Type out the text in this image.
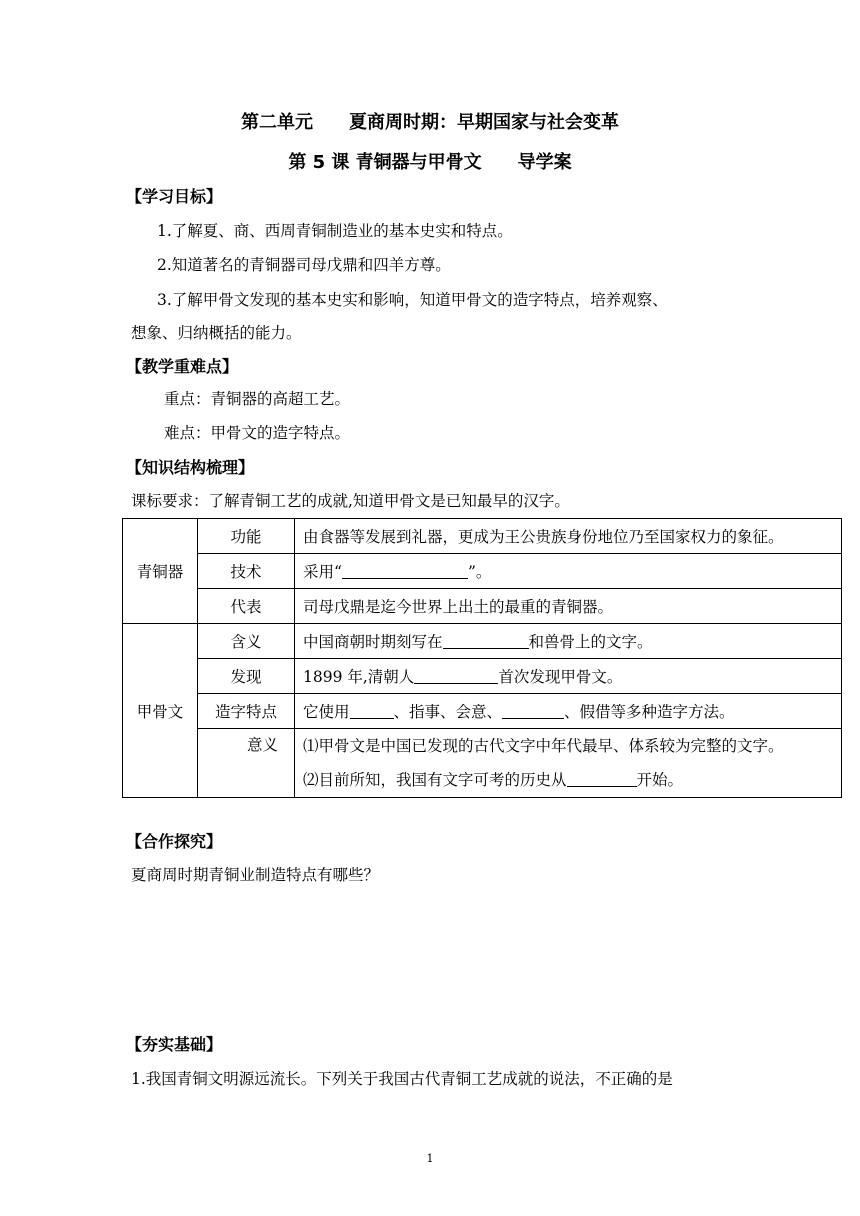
第二单元　　夏商周时期：早期国家与社会变革
第 5 课 青铜器与甲骨文　　导学案
【学习目标】
1.了解夏、商、西周青铜制造业的基本史实和特点。
2.知道著名的青铜器司母戊鼎和四羊方尊。
3.了解甲骨文发现的基本史实和影响，知道甲骨文的造字特点，培养观察、
想象、归纳概括的能力。
【教学重难点】
重点：青铜器的高超工艺。
难点：甲骨文的造字特点。
【知识结构梳理】
课标要求：了解青铜工艺的成就,知道甲骨文是已知最早的汉字。
青铜器	功能	由食器等发展到礼器，更成为王公贵族身份地位乃至国家权力的象征。
	技术	采用“ ”。
	代表	司母戊鼎是迄今世界上出土的最重的青铜器。
甲骨文	含义	中国商朝时期刻写在 和兽骨上的文字。
	发现	1899 年,清朝人 首次发现甲骨文。
	造字特点	它使用 、指事、会意、 、假借等多种造字方法。
	意义	⑴甲骨文是中国已发现的古代文字中年代最早、体系较为完整的文字。
⑵目前所知，我国有文字可考的历史从 开始。
【合作探究】
夏商周时期青铜业制造特点有哪些？
【夯实基础】
1.我国青铜文明源远流长。下列关于我国古代青铜工艺成就的说法，不正确的是
1
